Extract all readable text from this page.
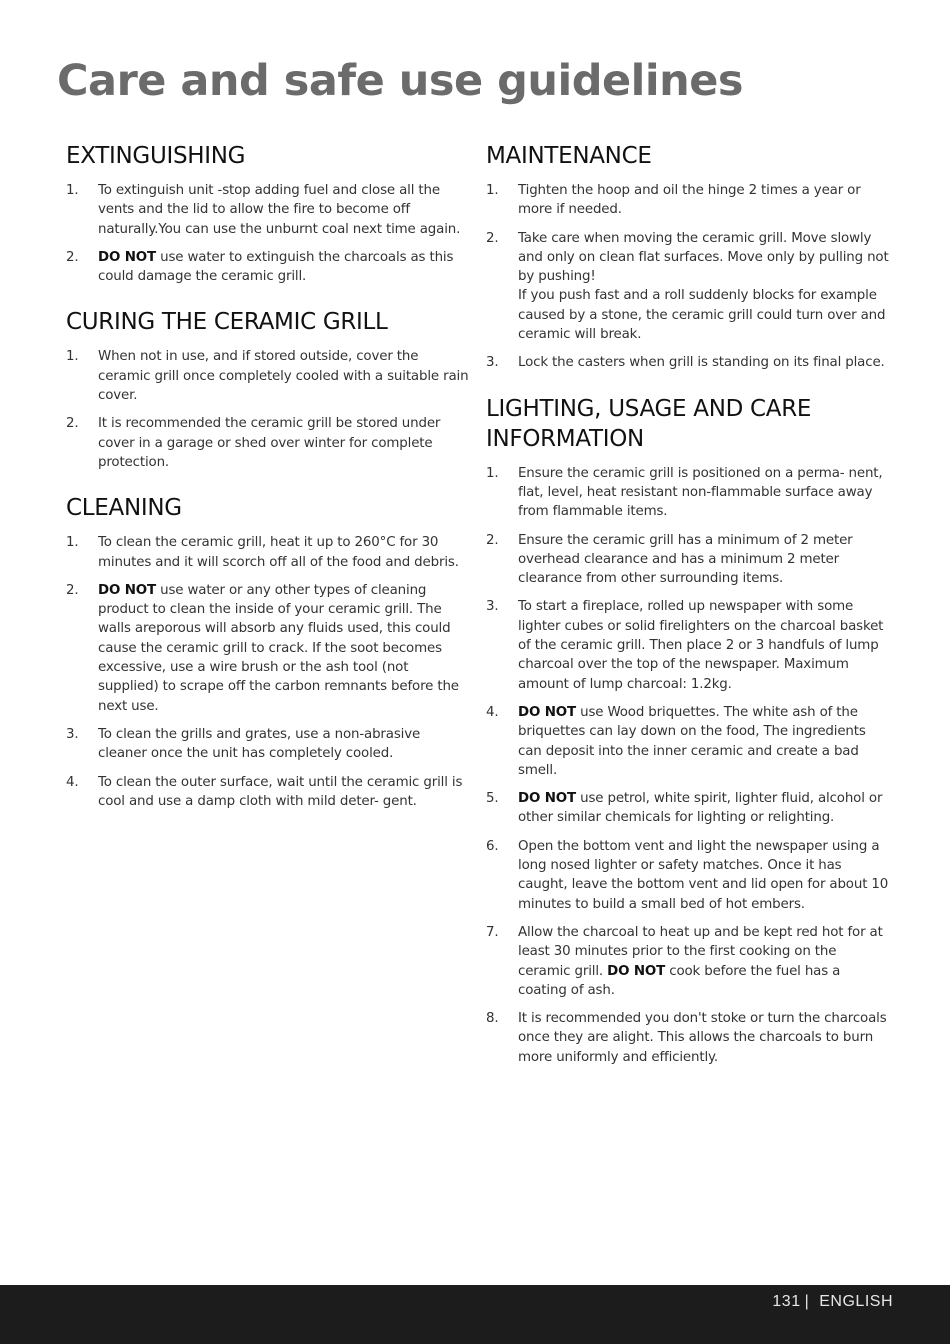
Care and safe use guidelines
EXTINGUISHING
1. To extinguish unit -stop adding fuel and close all the vents and the lid to allow the fire to become off naturally.You can use the unburnt coal next time again.
2. DO NOT use water to extinguish the charcoals as this could damage the ceramic grill.
CURING THE CERAMIC GRILL
1. When not in use, and if stored outside, cover the ceramic grill once completely cooled with a suitable rain cover.
2. It is recommended the ceramic grill be stored under cover in a garage or shed over winter for complete protection.
CLEANING
1. To clean the ceramic grill, heat it up to 260°C for 30 minutes and it will scorch off all of the food and debris.
2. DO NOT use water or any other types of cleaning product to clean the inside of your ceramic grill. The walls areporous will absorb any fluids used, this could cause the ceramic grill to crack. If the soot becomes excessive, use a wire brush or the ash tool (not supplied) to scrape off the carbon remnants before the next use.
3. To clean the grills and grates, use a non-abrasive cleaner once the unit has completely cooled.
4. To clean the outer surface, wait until the ceramic grill is cool and use a damp cloth with mild deter- gent.
MAINTENANCE
1. Tighten the hoop and oil the hinge 2 times a year or more if needed.
2. Take care when moving the ceramic grill. Move slowly and only on clean flat surfaces. Move only by pulling not by pushing!
If you push fast and a roll suddenly blocks for example caused by a stone, the ceramic grill could turn over and ceramic will break.
3. Lock the casters when grill is standing on its final place.
LIGHTING, USAGE AND CARE INFORMATION
1. Ensure the ceramic grill is positioned on a perma- nent, flat, level, heat resistant non-flammable surface away from flammable items.
2. Ensure the ceramic grill has a minimum of 2 meter overhead clearance and has a minimum 2 meter clearance from other surrounding items.
3. To start a fireplace, rolled up newspaper with some lighter cubes or solid firelighters on the charcoal basket of the ceramic grill. Then place 2 or 3 handfuls of lump charcoal over the top of the newspaper. Maximum amount of lump charcoal: 1.2kg.
4. DO NOT use Wood briquettes. The white ash of the briquettes can lay down on the food, The ingredients can deposit into the inner ceramic and create a bad smell.
5. DO NOT use petrol, white spirit, lighter fluid, alcohol or other similar chemicals for lighting or relighting.
6. Open the bottom vent and light the newspaper using a long nosed lighter or safety matches. Once it has caught, leave the bottom vent and lid open for about 10 minutes to build a small bed of hot embers.
7. Allow the charcoal to heat up and be kept red hot for at least 30 minutes prior to the first cooking on the ceramic grill. DO NOT cook before the fuel has a coating of ash.
8. It is recommended you don't stoke or turn the charcoals once they are alight. This allows the charcoals to burn more uniformly and efficiently.
131 | ENGLISH
